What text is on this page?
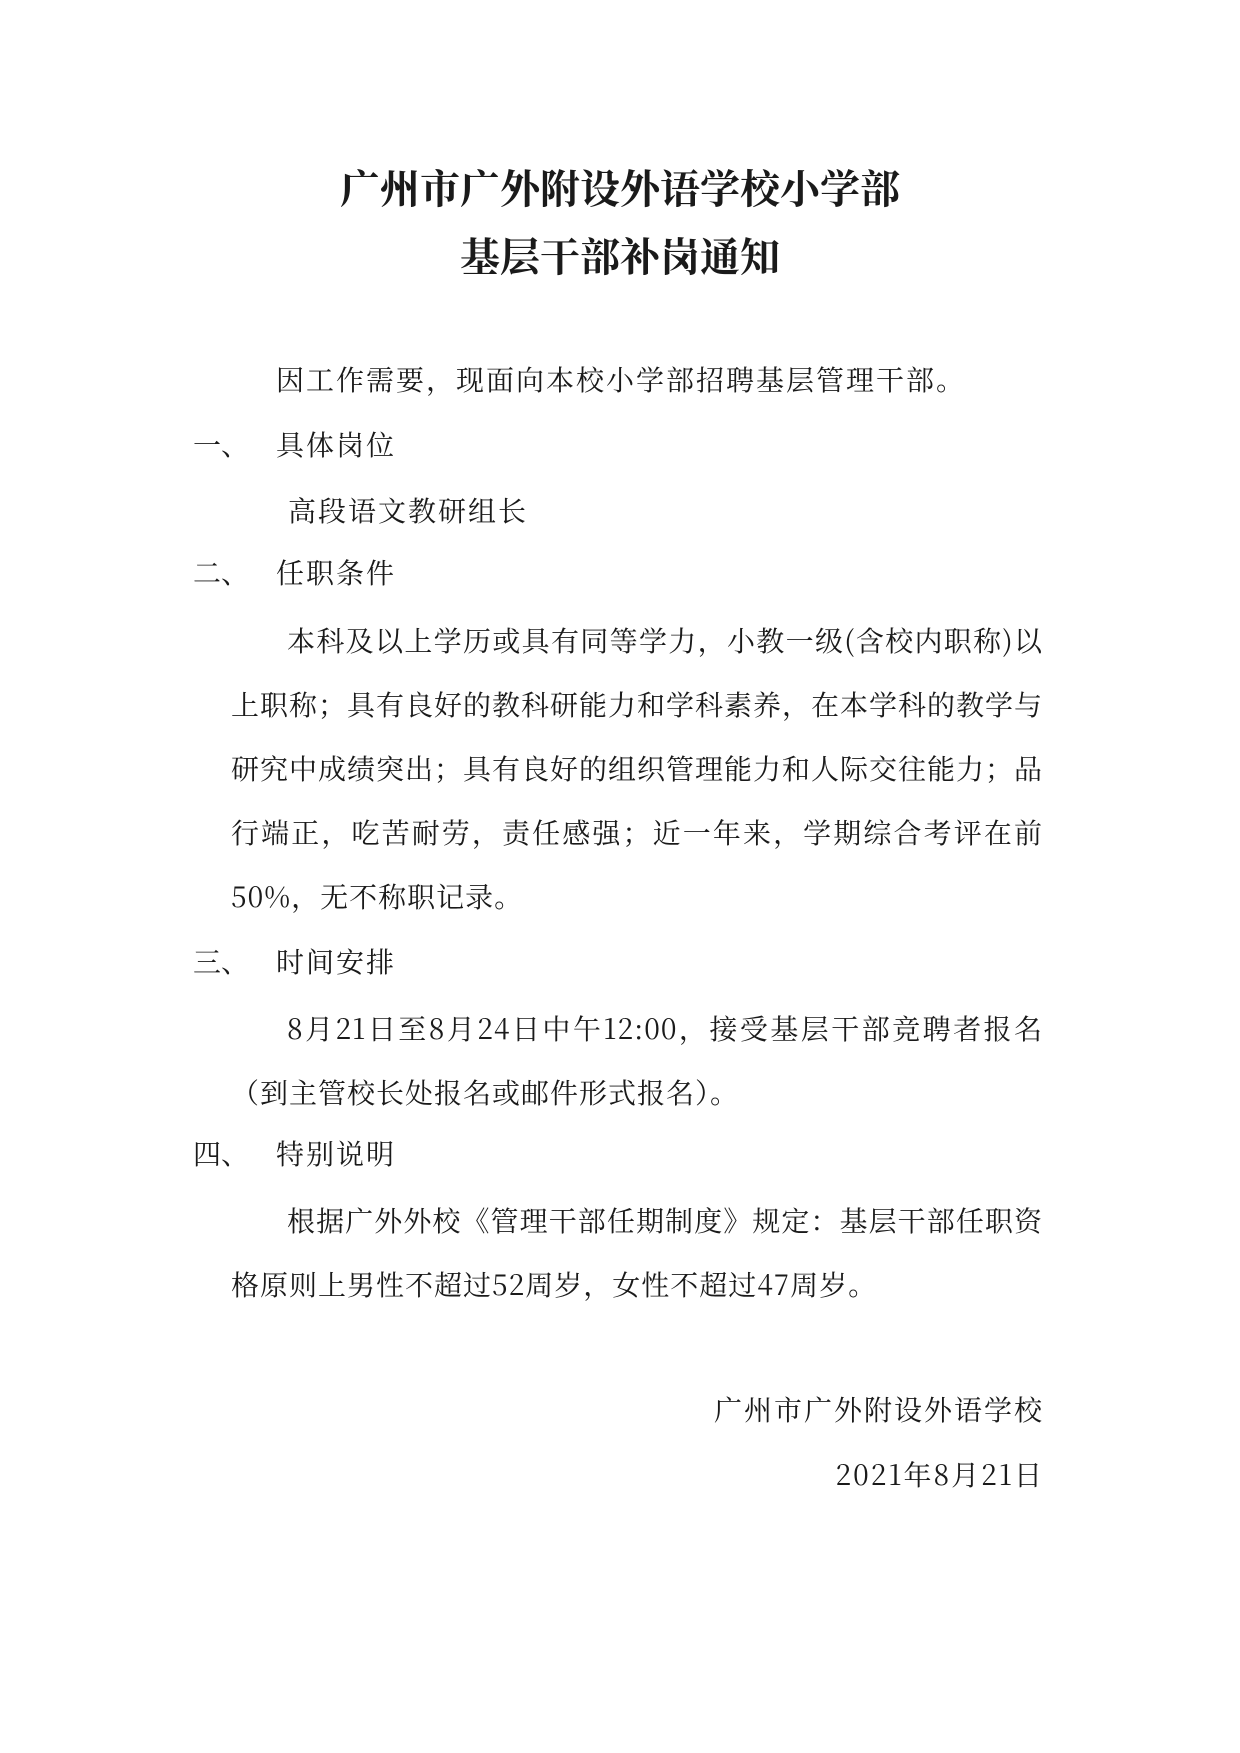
广州市广外附设外语学校小学部
基层干部补岗通知
因工作需要，现面向本校小学部招聘基层管理干部。
一、 具体岗位
高段语文教研组长
二、 任职条件
本科及以上学历或具有同等学力，小教一级(含校内职称)以上职称；具有良好的教科研能力和学科素养，在本学科的教学与研究中成绩突出；具有良好的组织管理能力和人际交往能力；品行端正，吃苦耐劳，责任感强；近一年来，学期综合考评在前50%，无不称职记录。
三、 时间安排
8月21日至8月24日中午12:00，接受基层干部竞聘者报名（到主管校长处报名或邮件形式报名）。
四、 特别说明
根据广外外校《管理干部任期制度》规定：基层干部任职资格原则上男性不超过52周岁，女性不超过47周岁。
广州市广外附设外语学校
2021年8月21日
